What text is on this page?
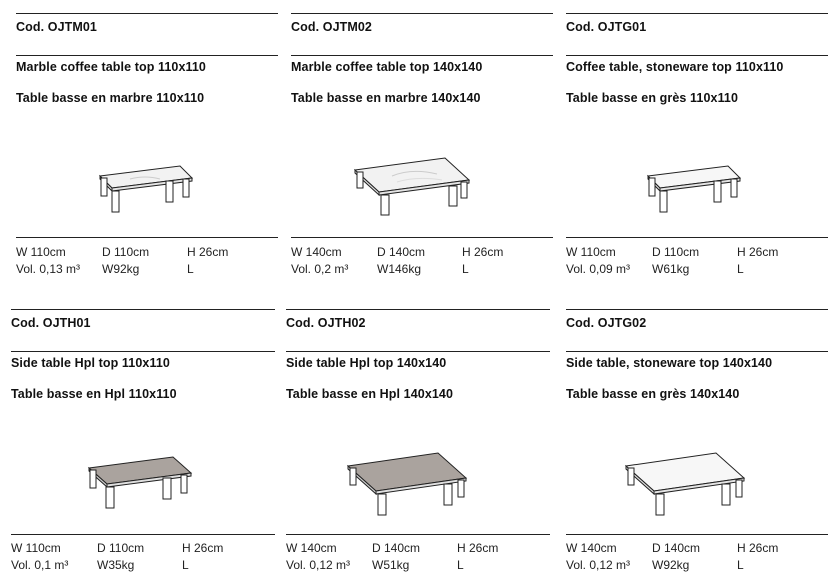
Cod. OJTM01
Marble coffee table top 110x110
Table basse en marbre 110x110
W 110cm	D 110cm	H 26cm
Vol. 0,13 m³ W92kg	L
Cod. OJTM02
Marble coffee table top 140x140
Table basse en marbre 140x140
W 140cm	D 140cm	H 26cm
Vol. 0,2 m³ W146kg	L
Cod. OJTG01
Coffee table, stoneware top 110x110
Table basse en grès 110x110
W 110cm	D 110cm	H 26cm
Vol. 0,09 m³ W61kg	L
Cod. OJTH01
Side table Hpl top 110x110
Table basse en Hpl 110x110
W 110cm	D 110cm	H 26cm
Vol. 0,1 m³ W35kg	L
Cod. OJTH02
Side table Hpl top 140x140
Table basse en Hpl 140x140
W 140cm	D 140cm	H 26cm
Vol. 0,12 m³ W51kg	L
Cod. OJTG02
Side table, stoneware top 140x140
Table basse en grès 140x140
W 140cm	D 140cm	H 26cm
Vol. 0,12 m³ W92kg	L
